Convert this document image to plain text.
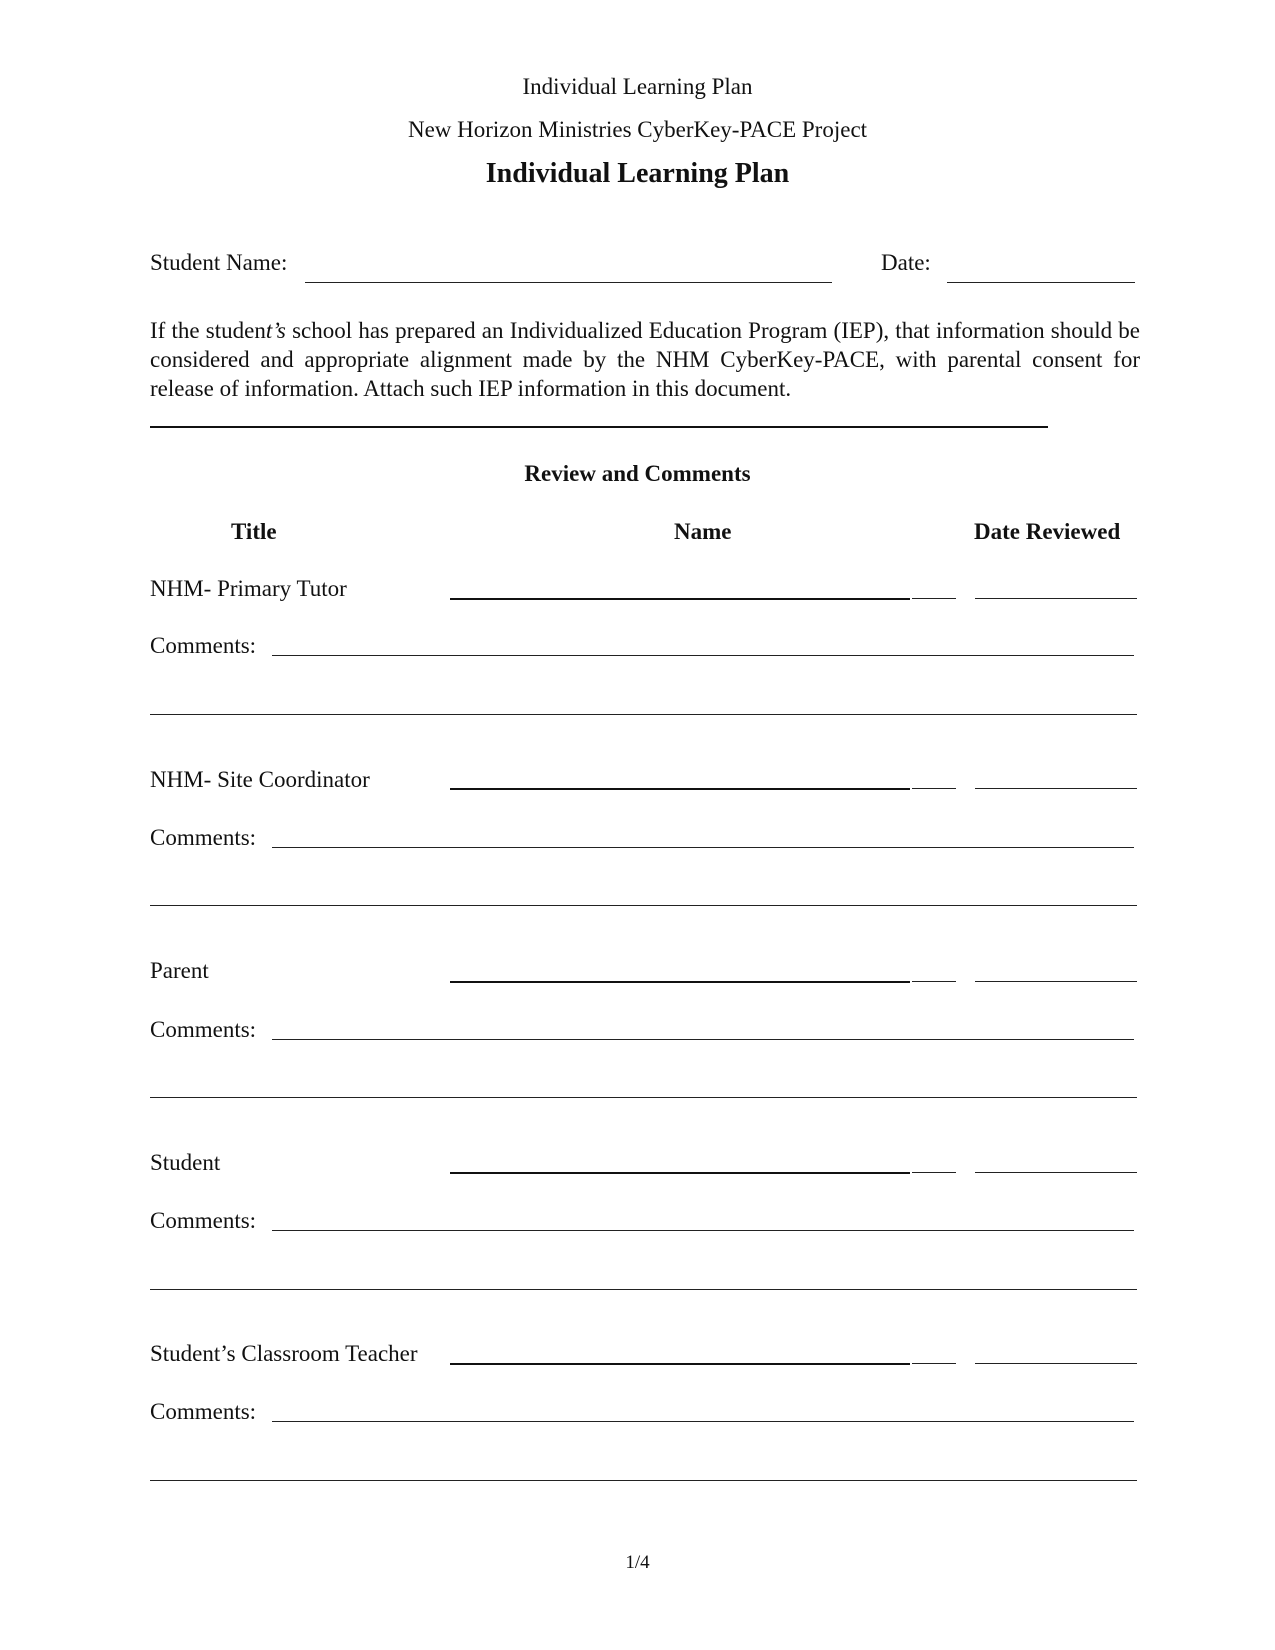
Individual Learning Plan
New Horizon Ministries CyberKey-PACE Project
Individual Learning Plan
Student Name:	Date:
If the student’s school has prepared an Individualized Education Program (IEP), that information should be considered and appropriate alignment made by the NHM CyberKey-PACE, with parental consent for release of information. Attach such IEP information in this document.
Review and Comments
Title	Name	Date Reviewed
NHM- Primary Tutor
Comments:
NHM- Site Coordinator
Comments:
Parent
Comments:
Student
Comments:
Student’s Classroom Teacher
Comments:
1/4
